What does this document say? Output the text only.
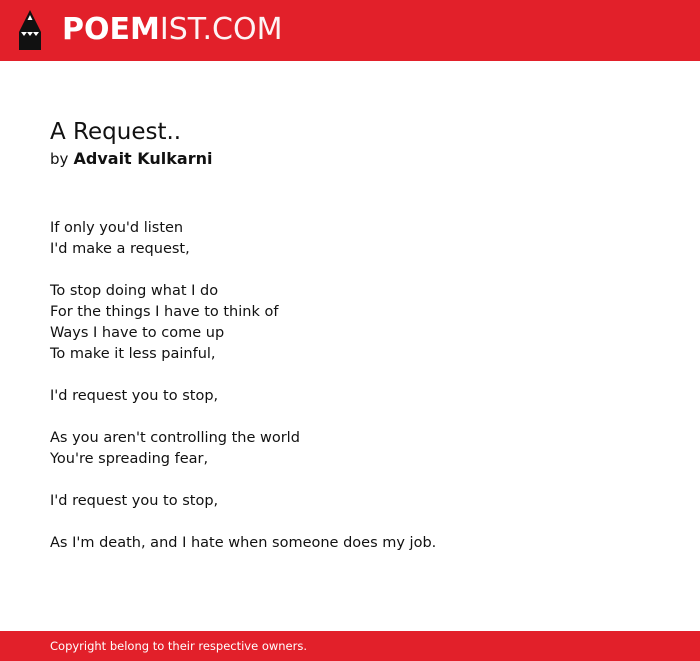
POEMIST.COM
A Request..
by Advait Kulkarni
If only you'd listen
I'd make a request,
To stop doing what I do
For the things I have to think of
Ways I have to come up
To make it less painful,
I'd request you to stop,
As you aren't controlling the world
You're spreading fear,
I'd request you to stop,
As I'm death, and I hate when someone does my job.
Copyright belong to their respective owners.
